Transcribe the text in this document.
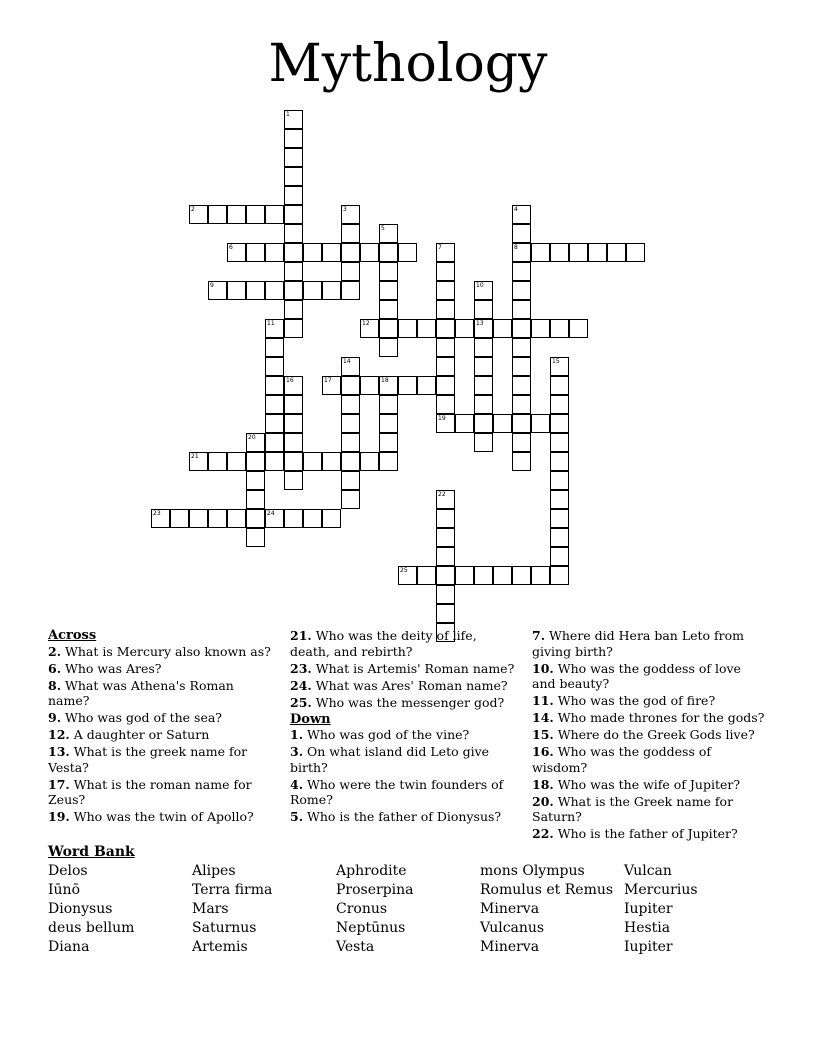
Mythology
1
2	3	4
8
5
6	7
19
9	10
13
11	12
14	15
16	17	18
20
21
22
23	24
25
Across
2. What is Mercury also known as?
6. Who was Ares?
8. What was Athena's Roman name?
9. Who was god of the sea?
12. A daughter or Saturn
13. What is the greek name for Vesta?
17. What is the roman name for Zeus?
19. Who was the twin of Apollo?
21. Who was the deity of life, death, and rebirth?
23. What is Artemis' Roman name?
24. What was Ares' Roman name?
25. Who was the messenger god?
Down
1. Who was god of the vine?
3. On what island did Leto give birth?
4. Who were the twin founders of Rome?
5. Who is the father of Dionysus?
7. Where did Hera ban Leto from giving birth?
10. Who was the goddess of love and beauty?
11. Who was the god of fire?
14. Who made thrones for the gods?
15. Where do the Greek Gods live?
16. Who was the goddess of wisdom?
18. Who was the wife of Jupiter?
20. What is the Greek name for Saturn?
22. Who is the father of Jupiter?
Word Bank
Delos
Iūnō
Dionysus
deus bellum
Diana
Alipes
Terra firma
Mars
Saturnus
Artemis
Aphrodite
Proserpina
Cronus
Neptūnus
Vesta
mons Olympus
Romulus et Remus
Minerva
Vulcanus
Minerva
Vulcan
Mercurius
Iupiter
Hestia
Iupiter
